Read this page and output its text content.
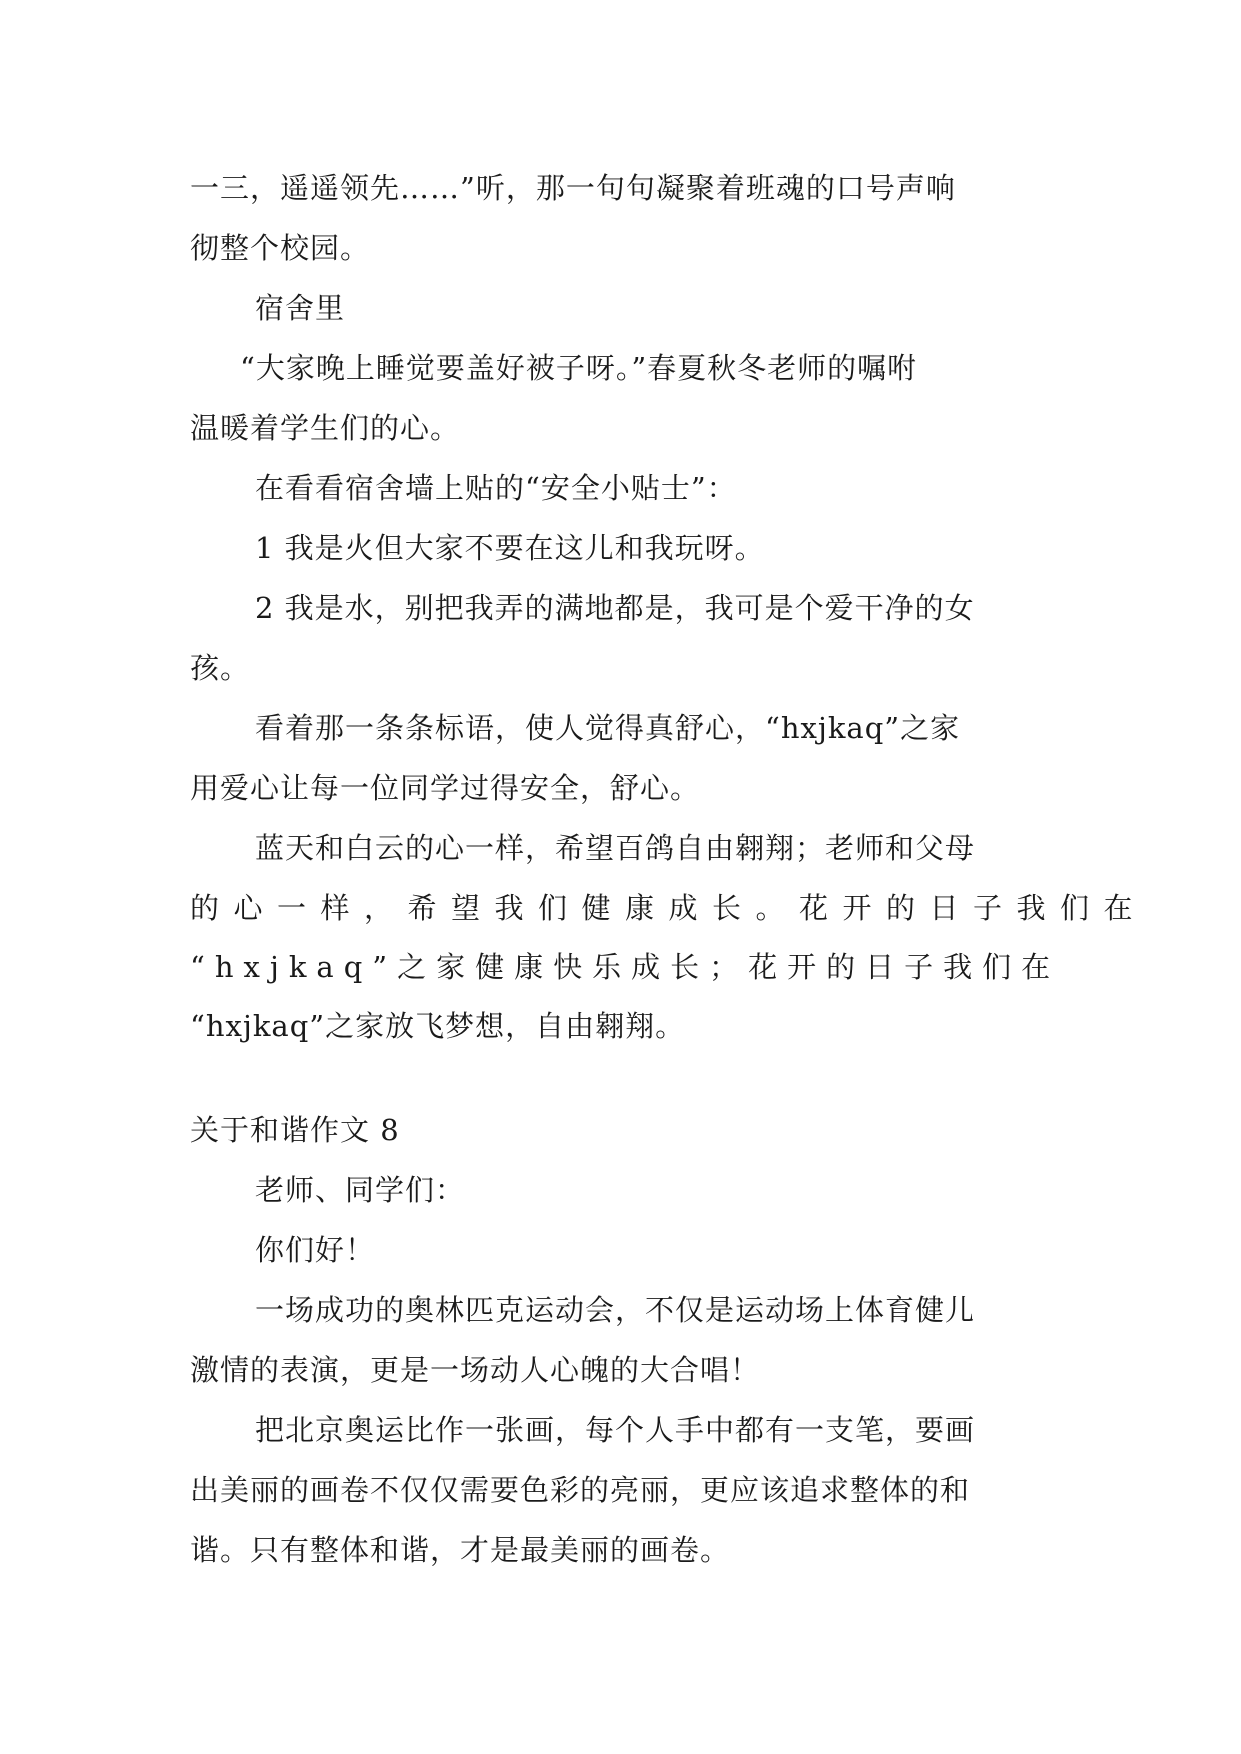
一三，遥遥领先……”听，那一句句凝聚着班魂的口号声响
彻整个校园。
宿舍里
“大家晚上睡觉要盖好被子呀。”春夏秋冬老师的嘱咐
温暖着学生们的心。
在看看宿舍墙上贴的“安全小贴士”：
1 我是火但大家不要在这儿和我玩呀。
2 我是水，别把我弄的满地都是，我可是个爱干净的女
孩。
看着那一条条标语，使人觉得真舒心，“hxjkaq”之家
用爱心让每一位同学过得安全，舒心。
蓝天和白云的心一样，希望百鸽自由翱翔；老师和父母
的心一样，希望我们健康成长。花开的日子我们在
“hxjkaq”之家健康快乐成长；花开的日子我们在
“hxjkaq”之家放飞梦想，自由翱翔。
关于和谐作文 8
老师、同学们：
你们好！
一场成功的奥林匹克运动会，不仅是运动场上体育健儿
激情的表演，更是一场动人心魄的大合唱！
把北京奥运比作一张画，每个人手中都有一支笔，要画
出美丽的画卷不仅仅需要色彩的亮丽，更应该追求整体的和
谐。只有整体和谐，才是最美丽的画卷。
